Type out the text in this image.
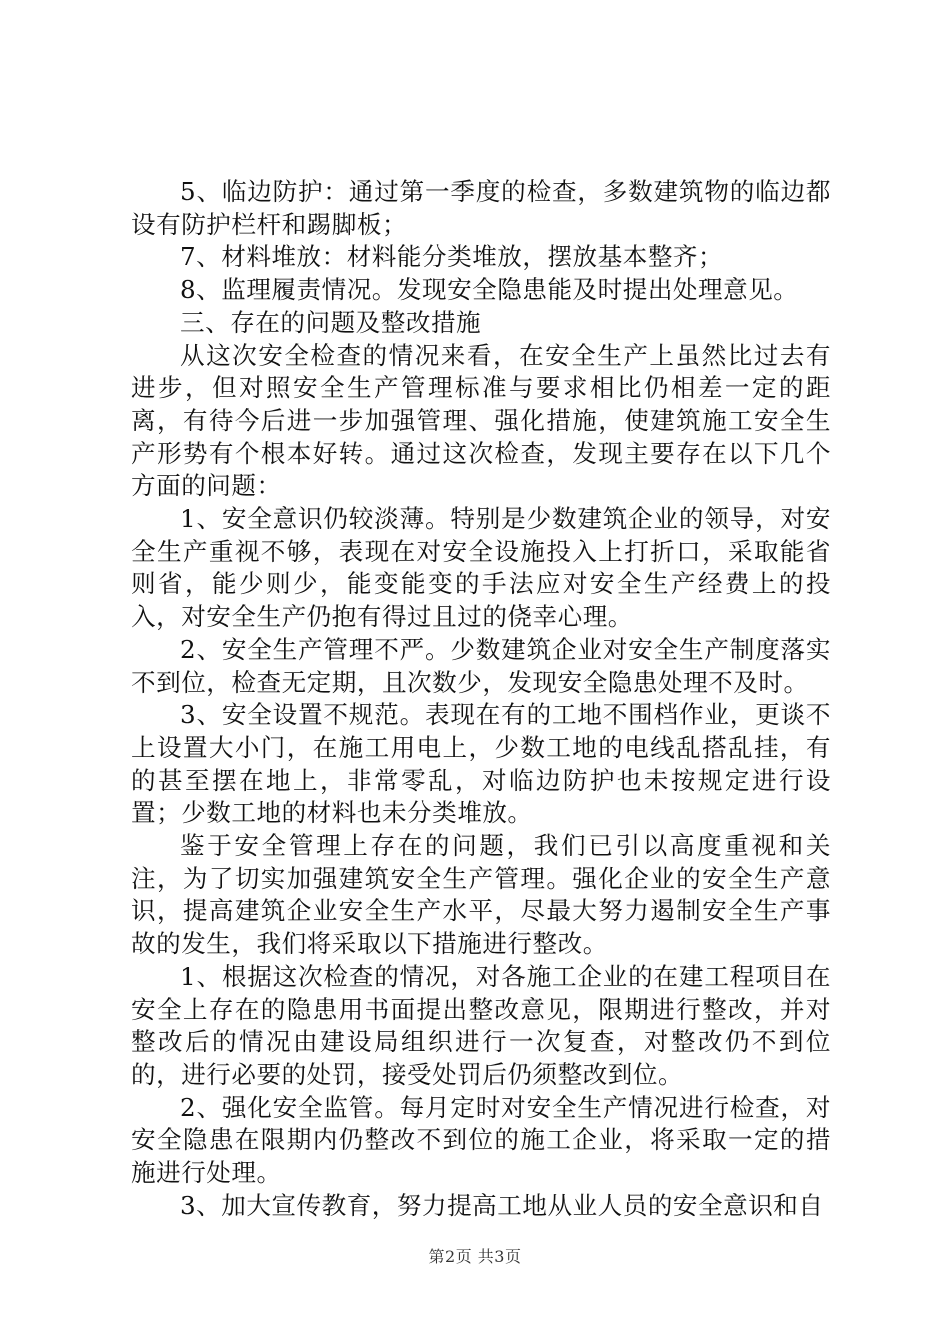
5、临边防护：通过第一季度的检查，多数建筑物的临边都设有防护栏杆和踢脚板；

7、材料堆放：材料能分类堆放，摆放基本整齐；

8、监理履责情况。发现安全隐患能及时提出处理意见。

三、存在的问题及整改措施

从这次安全检查的情况来看，在安全生产上虽然比过去有进步，但对照安全生产管理标准与要求相比仍相差一定的距离，有待今后进一步加强管理、强化措施，使建筑施工安全生产形势有个根本好转。通过这次检查，发现主要存在以下几个方面的问题：

1、安全意识仍较淡薄。特别是少数建筑企业的领导，对安全生产重视不够，表现在对安全设施投入上打折口，采取能省则省，能少则少，能变能变的手法应对安全生产经费上的投入，对安全生产仍抱有得过且过的侥幸心理。

2、安全生产管理不严。少数建筑企业对安全生产制度落实不到位，检查无定期，且次数少，发现安全隐患处理不及时。

3、安全设置不规范。表现在有的工地不围档作业，更谈不上设置大小门，在施工用电上，少数工地的电线乱搭乱挂，有的甚至摆在地上，非常零乱，对临边防护也未按规定进行设置；少数工地的材料也未分类堆放。

鉴于安全管理上存在的问题，我们已引以高度重视和关注，为了切实加强建筑安全生产管理。强化企业的安全生产意识，提高建筑企业安全生产水平，尽最大努力遏制安全生产事故的发生，我们将采取以下措施进行整改。

1、根据这次检查的情况，对各施工企业的在建工程项目在安全上存在的隐患用书面提出整改意见，限期进行整改，并对整改后的情况由建设局组织进行一次复查，对整改仍不到位的，进行必要的处罚，接受处罚后仍须整改到位。

2、强化安全监管。每月定时对安全生产情况进行检查，对安全隐患在限期内仍整改不到位的施工企业，将采取一定的措施进行处理。

3、加大宣传教育，努力提高工地从业人员的安全意识和自

第2页 共3页
